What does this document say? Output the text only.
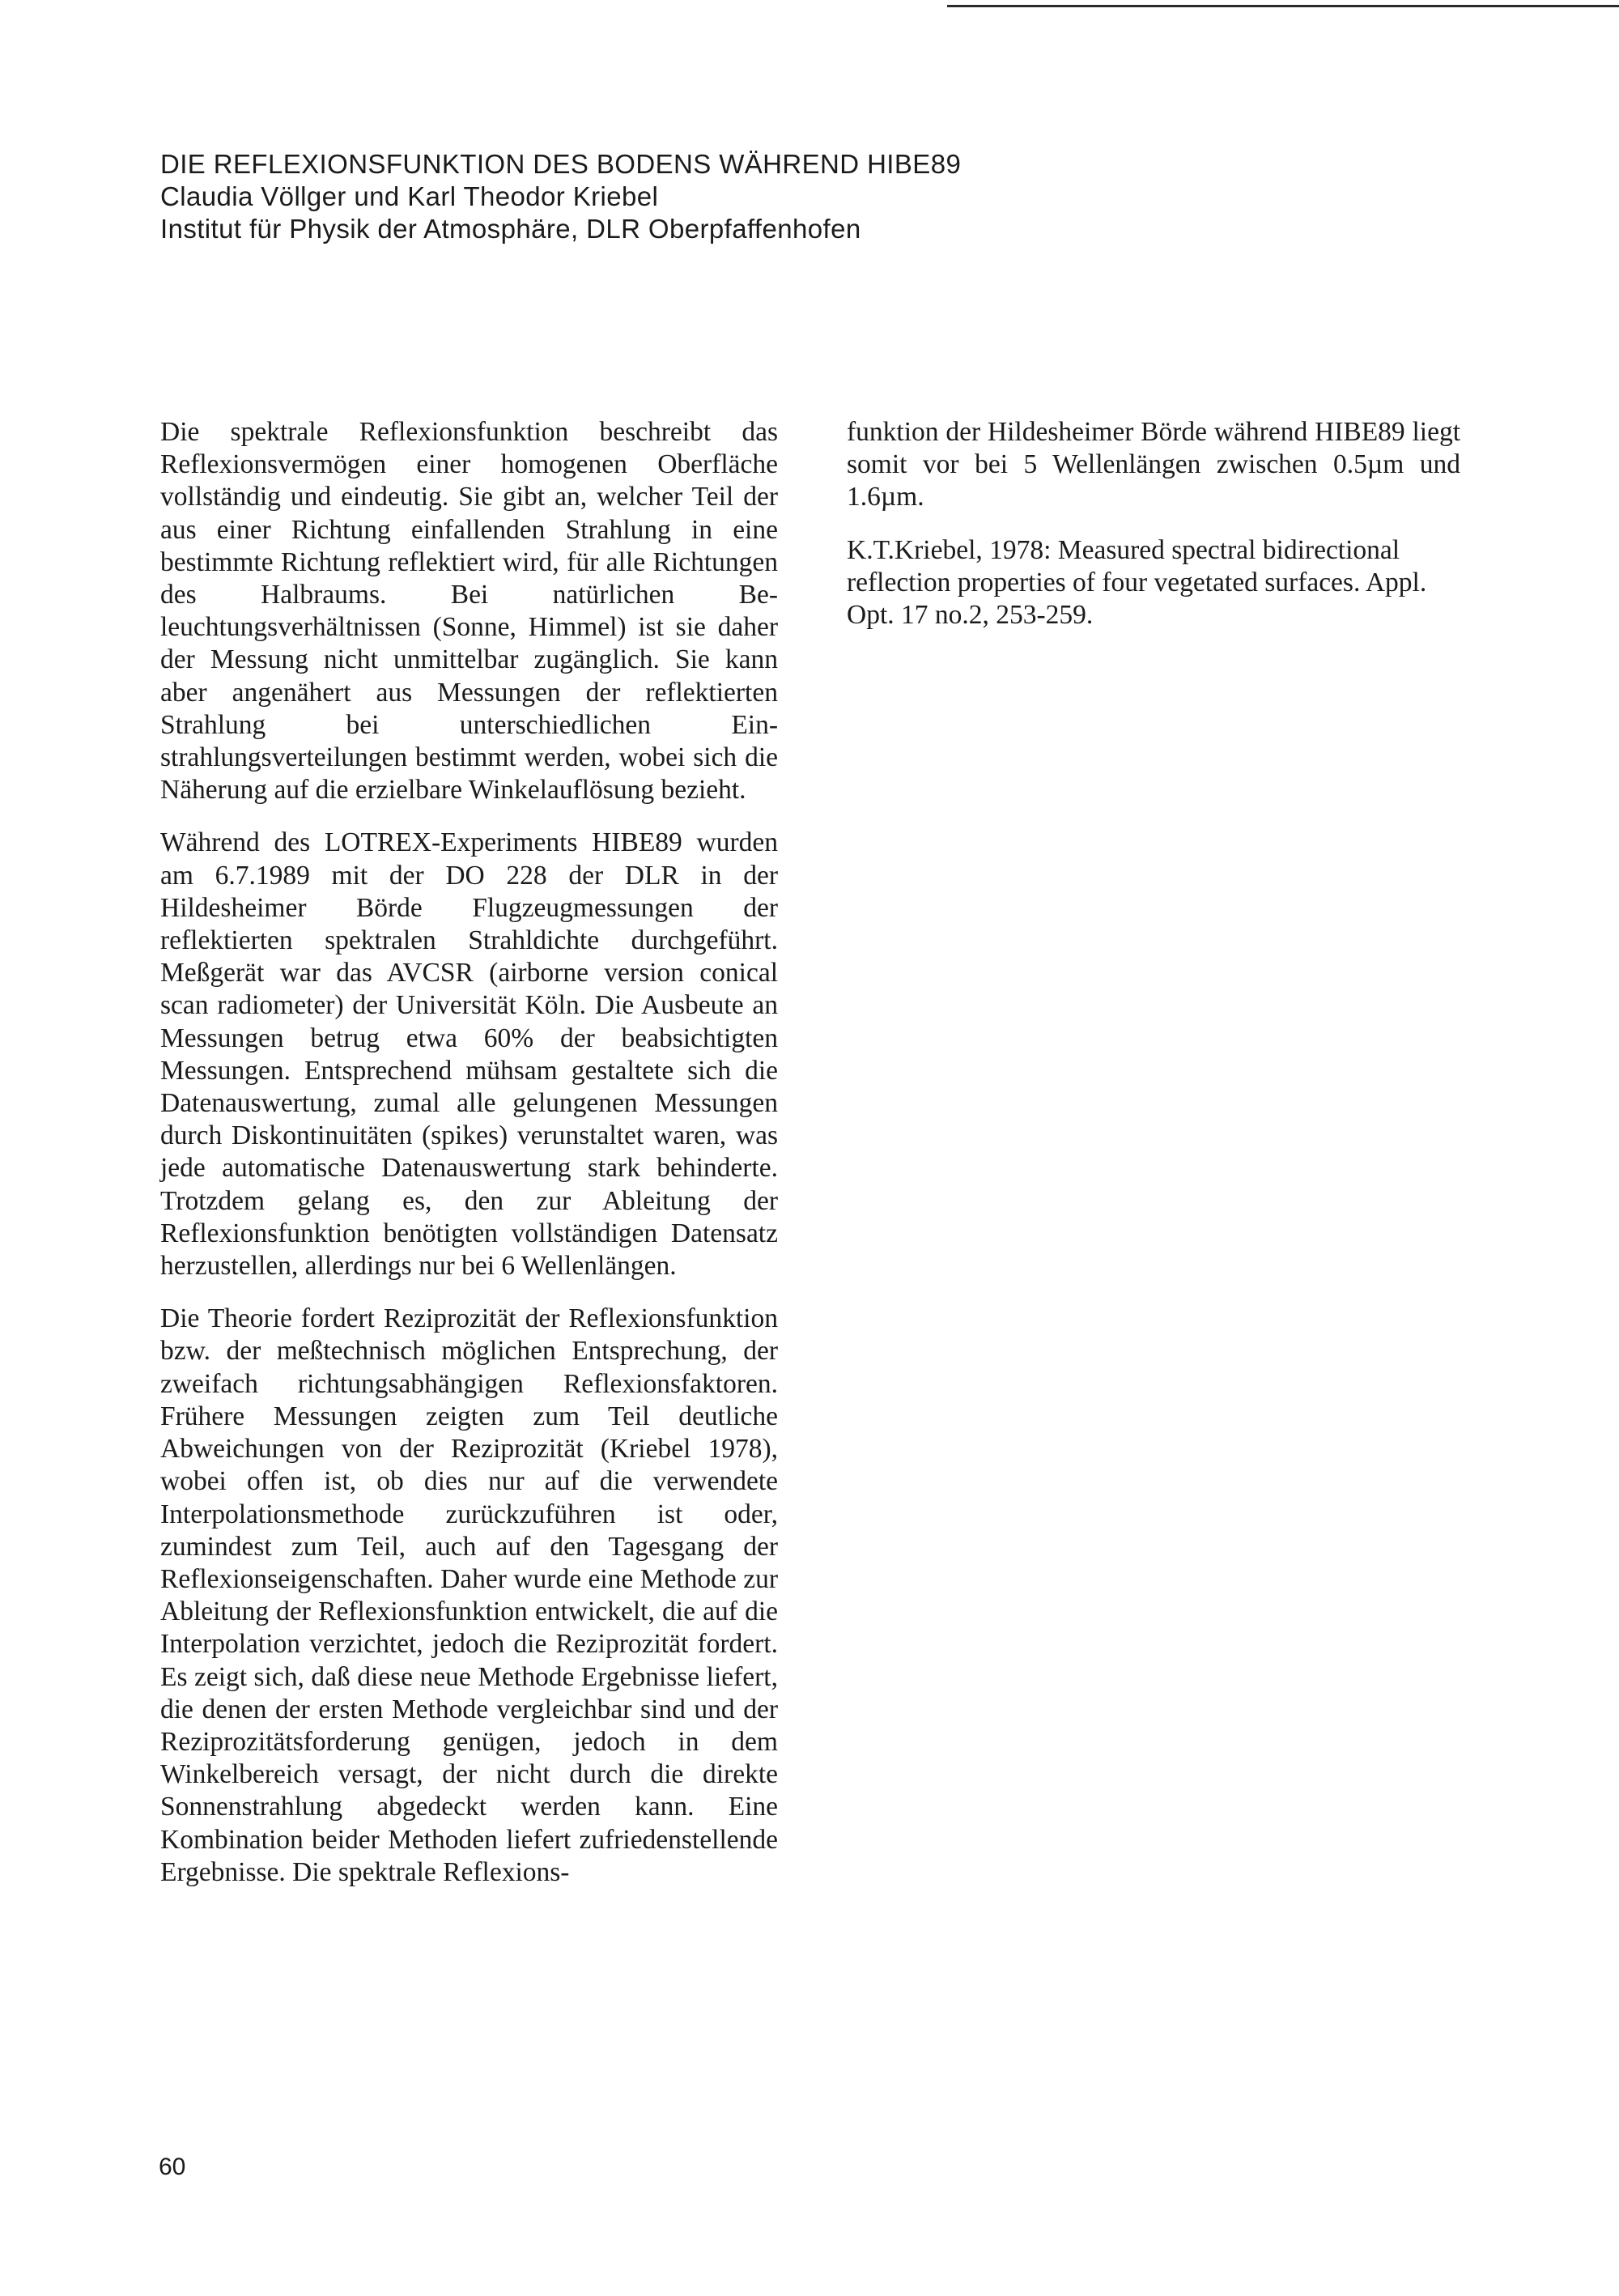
DIE REFLEXIONSFUNKTION DES BODENS WÄHREND HIBE89
Claudia Völlger und Karl Theodor Kriebel
Institut für Physik der Atmosphäre, DLR Oberpfaffenhofen

Die spektrale Reflexionsfunktion beschreibt das Reflexionsvermögen einer homogenen Oberfläche vollständig und eindeutig. Sie gibt an, welcher Teil der aus einer Richtung einfallenden Strahlung in eine bestimmte Richtung reflektiert wird, für alle Richtungen des Halbraums. Bei natürlichen Beleuchtungsverhältnissen (Sonne, Himmel) ist sie daher der Messung nicht unmittelbar zugänglich. Sie kann aber angenähert aus Messungen der reflektierten Strahlung bei unterschiedlichen Einstrahlungsverteilungen bestimmt werden, wobei sich die Näherung auf die erzielbare Winkelauflösung bezieht.

Während des LOTREX-Experiments HIBE89 wurden am 6.7.1989 mit der DO 228 der DLR in der Hildesheimer Börde Flugzeugmessungen der reflektierten spektralen Strahldichte durchgeführt. Meßgerät war das AVCSR (airborne version conical scan radiometer) der Universität Köln. Die Ausbeute an Messungen betrug etwa 60% der beabsichtigten Messungen. Entsprechend mühsam gestaltete sich die Datenauswertung, zumal alle gelungenen Messungen durch Diskontinuitäten (spikes) verunstaltet waren, was jede automatische Datenauswertung stark behinderte. Trotzdem gelang es, den zur Ableitung der Reflexionsfunktion benötigten vollständigen Datensatz herzustellen, allerdings nur bei 6 Wellenlängen.

Die Theorie fordert Reziprozität der Reflexionsfunktion bzw. der meßtechnisch möglichen Entsprechung, der zweifach richtungsabhängigen Reflexionsfaktoren. Frühere Messungen zeigten zum Teil deutliche Abweichungen von der Reziprozität (Kriebel 1978), wobei offen ist, ob dies nur auf die verwendete Interpolationsmethode zurückzuführen ist oder, zumindest zum Teil, auch auf den Tagesgang der Reflexionseigenschaften. Daher wurde eine Methode zur Ableitung der Reflexionsfunktion entwickelt, die auf die Interpolation verzichtet, jedoch die Reziprozität fordert. Es zeigt sich, daß diese neue Methode Ergebnisse liefert, die denen der ersten Methode vergleichbar sind und der Reziprozitätsforderung genügen, jedoch in dem Winkelbereich versagt, der nicht durch die direkte Sonnenstrahlung abgedeckt werden kann. Eine Kombination beider Methoden liefert zufriedenstellende Ergebnisse. Die spektrale Reflexions-

funktion der Hildesheimer Börde während HIBE89 liegt somit vor bei 5 Wellenlängen zwischen 0.5µm und 1.6µm.

K.T.Kriebel, 1978: Measured spectral bidirectional reflection properties of four vegetated surfaces. Appl. Opt. 17 no.2, 253-259.

60
